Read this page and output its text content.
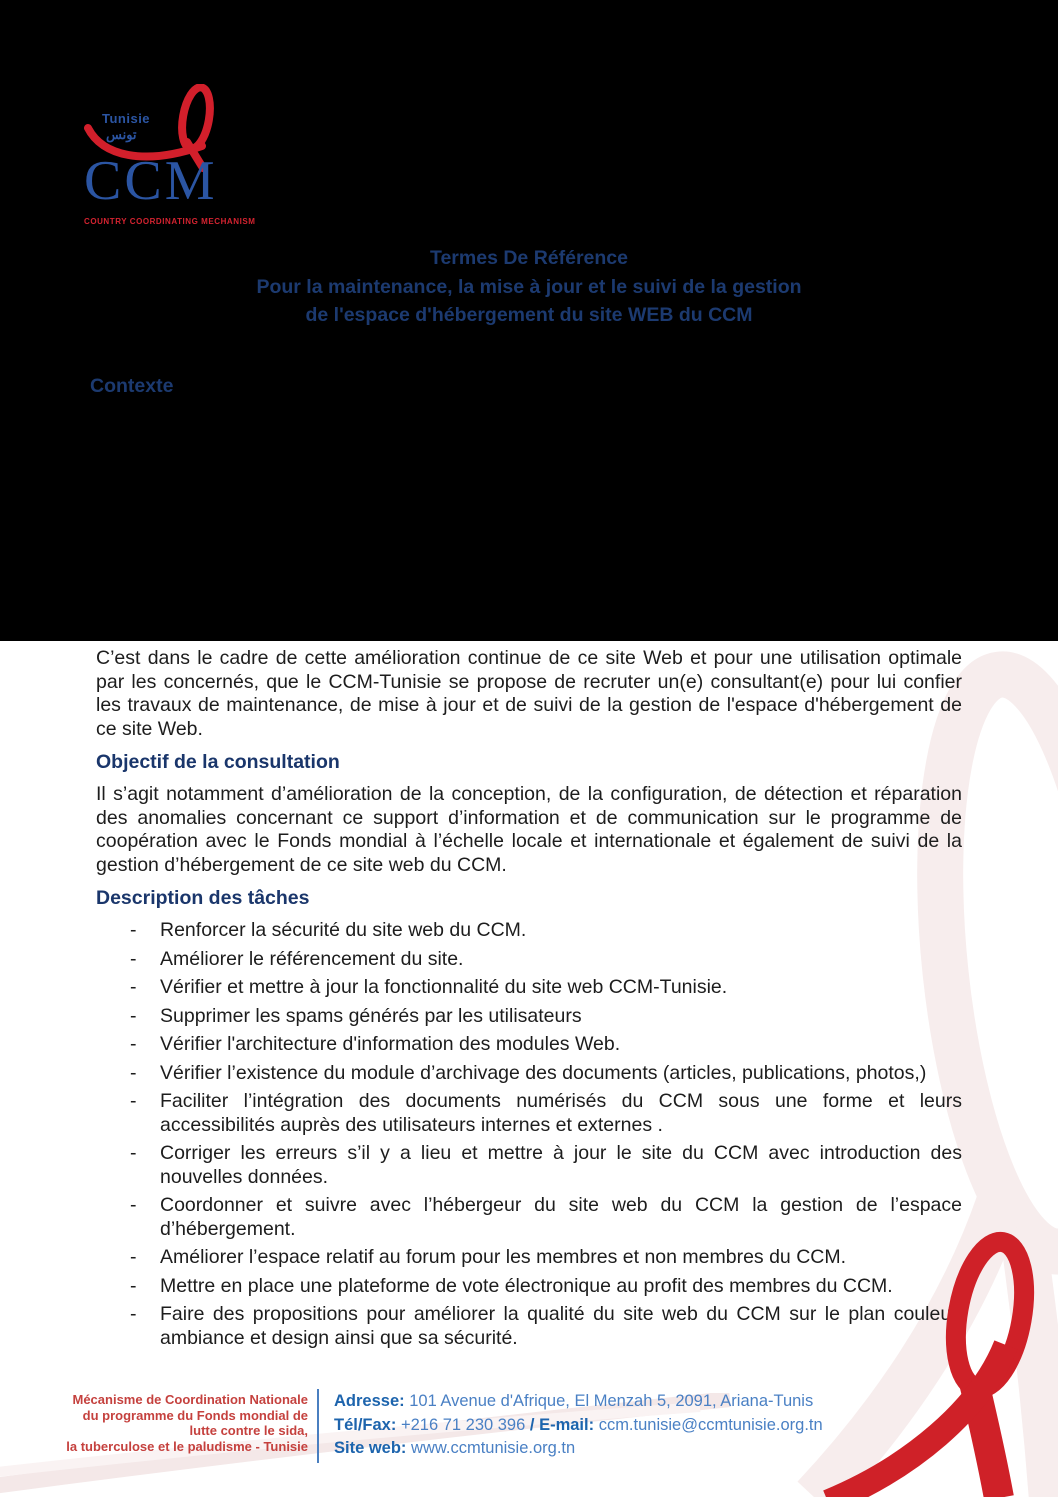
Tunisie
تونس
CCM
COUNTRY COORDINATING MECHANISM
Termes De Référence
Pour la maintenance, la mise à jour et le suivi de la gestion
de l'espace d'hébergement du site WEB du CCM
Contexte

C’est dans le cadre de cette amélioration continue de ce site Web et pour une utilisation optimale par les concernés, que le CCM-Tunisie se propose de recruter un(e) consultant(e) pour lui confier les travaux de maintenance, de mise à jour et de suivi de la gestion de l'espace d'hébergement de ce site Web.

Objectif de la consultation

Il s’agit notamment d’amélioration de la conception, de la configuration, de détection et réparation des anomalies concernant ce support d’information et de communication sur le programme de coopération avec le Fonds mondial à l’échelle locale et internationale et également de suivi de la gestion d’hébergement de ce site web du CCM.

Description des tâches
- Renforcer la sécurité du site web du CCM.
- Améliorer le référencement du site.
- Vérifier et mettre à jour la fonctionnalité du site web CCM-Tunisie.
- Supprimer les spams générés par les utilisateurs
- Vérifier l'architecture d'information des modules Web.
- Vérifier l’existence du module d’archivage des documents (articles, publications, photos,)
- Faciliter l’intégration des documents numérisés du CCM sous une forme et leurs accessibilités auprès des utilisateurs internes et externes .
- Corriger les erreurs s’il y a lieu et mettre à jour le site du CCM avec introduction des nouvelles données.
- Coordonner et suivre avec l’hébergeur du site web du CCM la gestion de l’espace d’hébergement.
- Améliorer l’espace relatif au forum pour les membres et non membres du CCM.
- Mettre en place une plateforme de vote électronique au profit des membres du CCM.
- Faire des propositions pour améliorer la qualité du site web du CCM sur le plan couleur, ambiance et design ainsi que sa sécurité.
Mécanisme de Coordination Nationale
du programme du Fonds mondial de
lutte contre le sida,
la tuberculose et le paludisme - Tunisie
Adresse: 101 Avenue d'Afrique, El Menzah 5, 2091, Ariana-Tunis
Tél/Fax: +216 71 230 396 / E-mail: ccm.tunisie@ccmtunisie.org.tn
Site web: www.ccmtunisie.org.tn
